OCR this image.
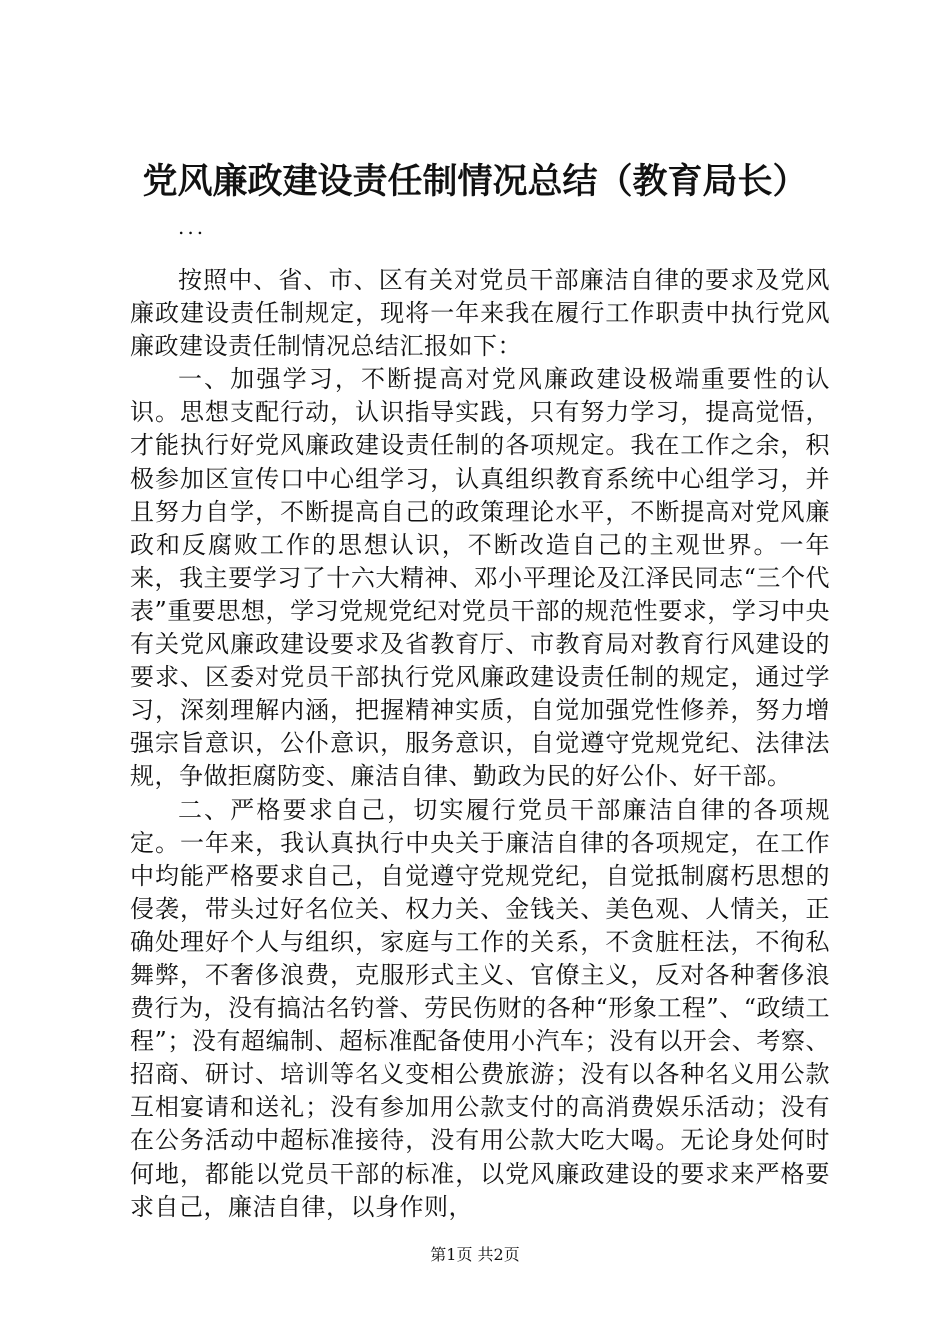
党风廉政建设责任制情况总结（教育局长）
...

按照中、省、市、区有关对党员干部廉洁自律的要求及党风廉政建设责任制规定，现将一年来我在履行工作职责中执行党风廉政建设责任制情况总结汇报如下：

一、加强学习，不断提高对党风廉政建设极端重要性的认识。思想支配行动，认识指导实践，只有努力学习，提高觉悟，才能执行好党风廉政建设责任制的各项规定。我在工作之余，积极参加区宣传口中心组学习，认真组织教育系统中心组学习，并且努力自学，不断提高自己的政策理论水平，不断提高对党风廉政和反腐败工作的思想认识，不断改造自己的主观世界。一年来，我主要学习了十六大精神、邓小平理论及江泽民同志“三个代表”重要思想，学习党规党纪对党员干部的规范性要求，学习中央有关党风廉政建设要求及省教育厅、市教育局对教育行风建设的要求、区委对党员干部执行党风廉政建设责任制的规定，通过学习，深刻理解内涵，把握精神实质，自觉加强党性修养，努力增强宗旨意识，公仆意识，服务意识，自觉遵守党规党纪、法律法规，争做拒腐防变、廉洁自律、勤政为民的好公仆、好干部。

二、严格要求自己，切实履行党员干部廉洁自律的各项规定。一年来，我认真执行中央关于廉洁自律的各项规定，在工作中均能严格要求自己，自觉遵守党规党纪，自觉抵制腐朽思想的侵袭，带头过好名位关、权力关、金钱关、美色观、人情关，正确处理好个人与组织，家庭与工作的关系，不贪脏枉法，不徇私舞弊，不奢侈浪费，克服形式主义、官僚主义，反对各种奢侈浪费行为，没有搞沽名钓誉、劳民伤财的各种“形象工程”、“政绩工程”；没有超编制、超标准配备使用小汽车；没有以开会、考察、招商、研讨、培训等名义变相公费旅游；没有以各种名义用公款互相宴请和送礼；没有参加用公款支付的高消费娱乐活动；没有在公务活动中超标准接待，没有用公款大吃大喝。无论身处何时何地，都能以党员干部的标准，以党风廉政建设的要求来严格要求自己，廉洁自律，以身作则，

第1页 共2页
